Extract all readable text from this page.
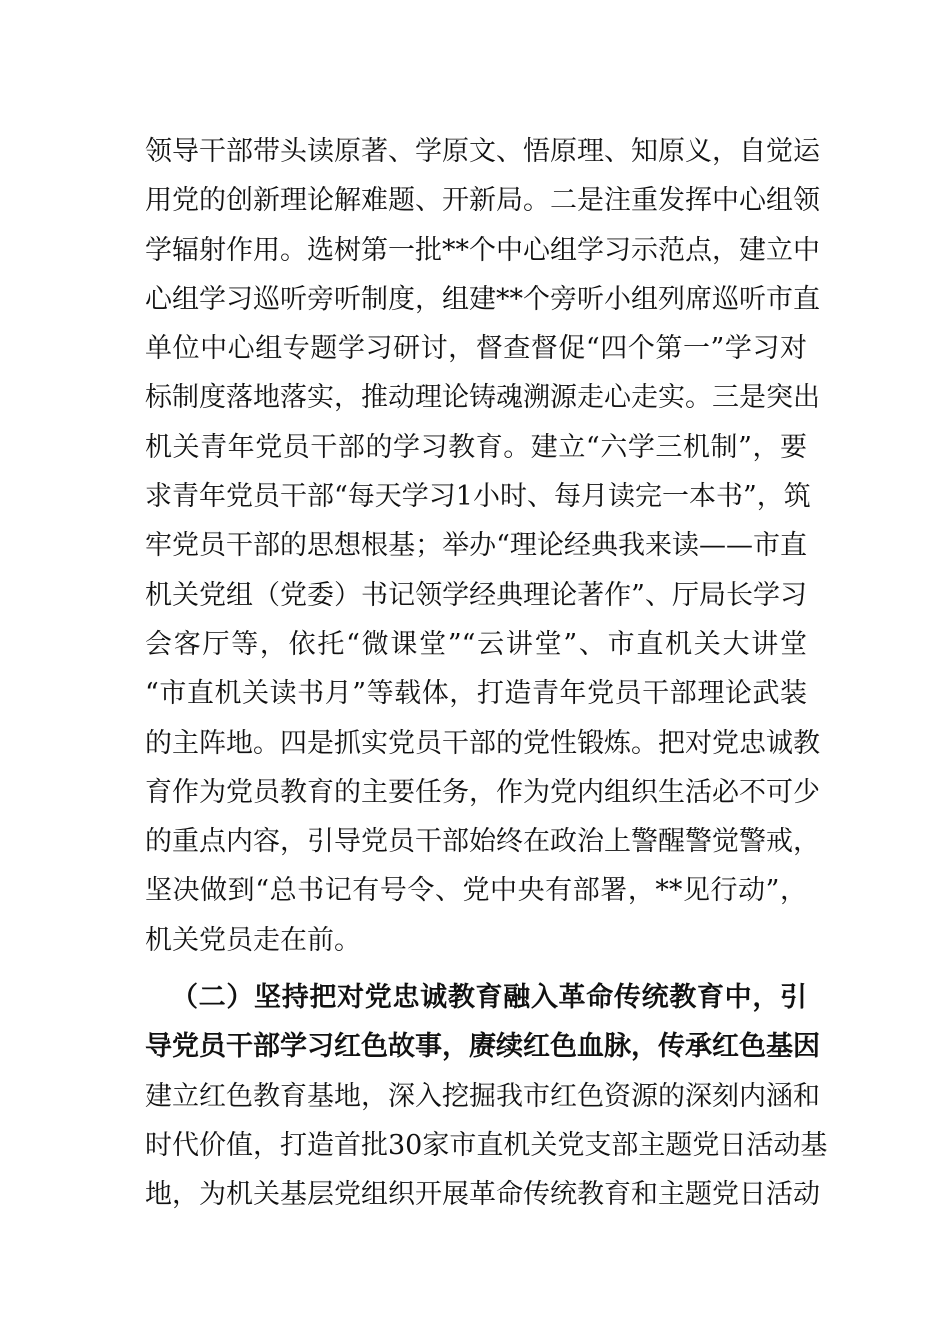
领导干部带头读原著、学原文、悟原理、知原义，自觉运
用党的创新理论解难题、开新局。二是注重发挥中心组领
学辐射作用。选树第一批**个中心组学习示范点，建立中
心组学习巡听旁听制度，组建**个旁听小组列席巡听市直
单位中心组专题学习研讨，督查督促“四个第一”学习对
标制度落地落实，推动理论铸魂溯源走心走实。三是突出
机关青年党员干部的学习教育。建立“六学三机制”，要
求青年党员干部“每天学习1小时、每月读完一本书”，筑
牢党员干部的思想根基；举办“理论经典我来读——市直
机关党组（党委）书记领学经典理论著作”、厅局长学习
会客厅等，依托“微课堂”“云讲堂”、市直机关大讲堂
“市直机关读书月”等载体，打造青年党员干部理论武装
的主阵地。四是抓实党员干部的党性锻炼。把对党忠诚教
育作为党员教育的主要任务，作为党内组织生活必不可少
的重点内容，引导党员干部始终在政治上警醒警觉警戒，
坚决做到“总书记有号令、党中央有部署，**见行动”，
机关党员走在前。
（二）坚持把对党忠诚教育融入革命传统教育中，引
导党员干部学习红色故事，赓续红色血脉，传承红色基因
建立红色教育基地，深入挖掘我市红色资源的深刻内涵和
时代价值，打造首批30家市直机关党支部主题党日活动基
地，为机关基层党组织开展革命传统教育和主题党日活动
